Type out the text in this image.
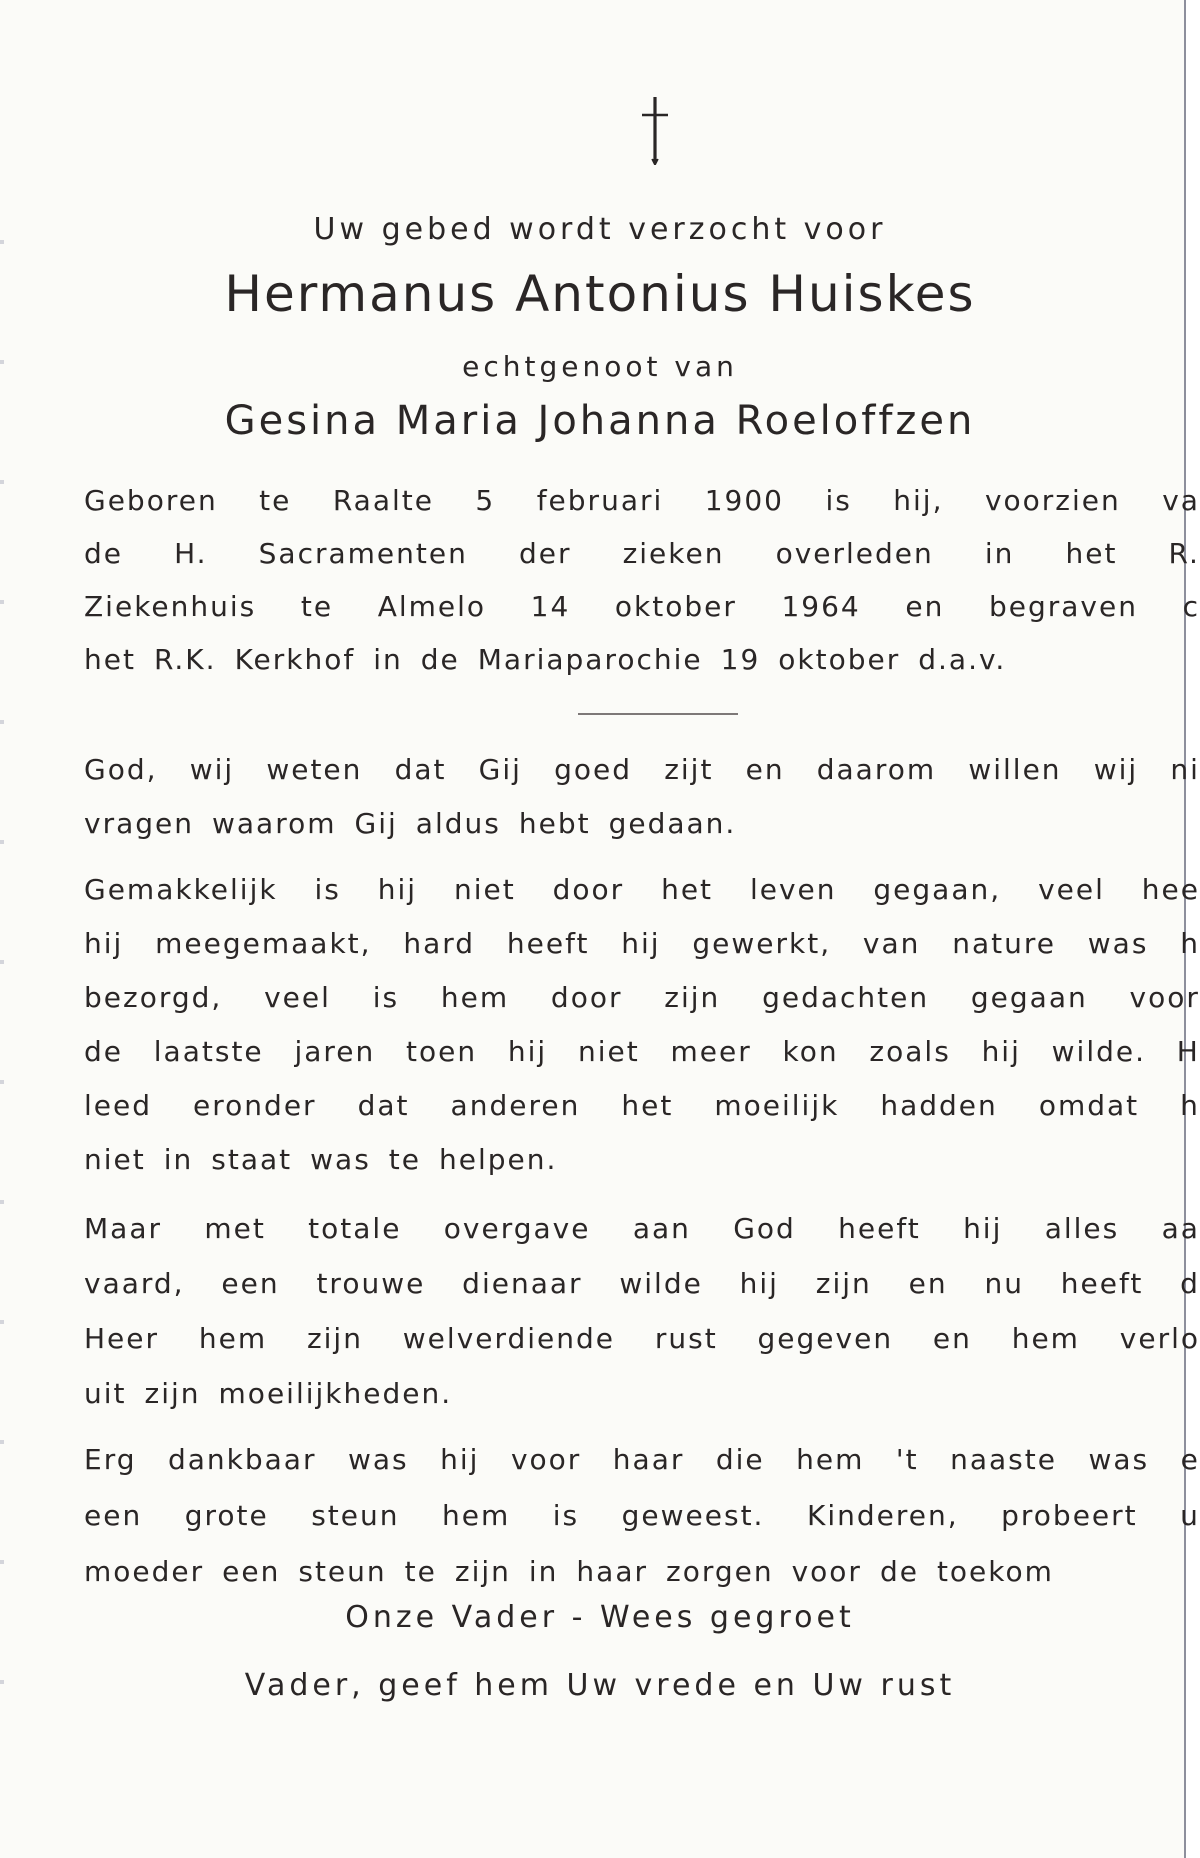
Uw gebed wordt verzocht voor
Hermanus Antonius Huiskes
echtgenoot van
Gesina Maria Johanna Roeloffzen
Geboren te Raalte 5 februari 1900 is hij, voorzien va
de H. Sacramenten der zieken overleden in het R.
Ziekenhuis te Almelo 14 oktober 1964 en begraven c
het R.K. Kerkhof in de Mariaparochie 19 oktober d.a.v.
God, wij weten dat Gij goed zijt en daarom willen wij ni
vragen waarom Gij aldus hebt gedaan.
Gemakkelijk is hij niet door het leven gegaan, veel hee
hij meegemaakt, hard heeft hij gewerkt, van nature was h
bezorgd, veel is hem door zijn gedachten gegaan voor
de laatste jaren toen hij niet meer kon zoals hij wilde. H
leed eronder dat anderen het moeilijk hadden omdat h
niet in staat was te helpen.
Maar met totale overgave aan God heeft hij alles aa
vaard, een trouwe dienaar wilde hij zijn en nu heeft d
Heer hem zijn welverdiende rust gegeven en hem verlo
uit zijn moeilijkheden.
Erg dankbaar was hij voor haar die hem 't naaste was e
een grote steun hem is geweest. Kinderen, probeert u
moeder een steun te zijn in haar zorgen voor de toekom
Onze Vader - Wees gegroet
Vader, geef hem Uw vrede en Uw rust
